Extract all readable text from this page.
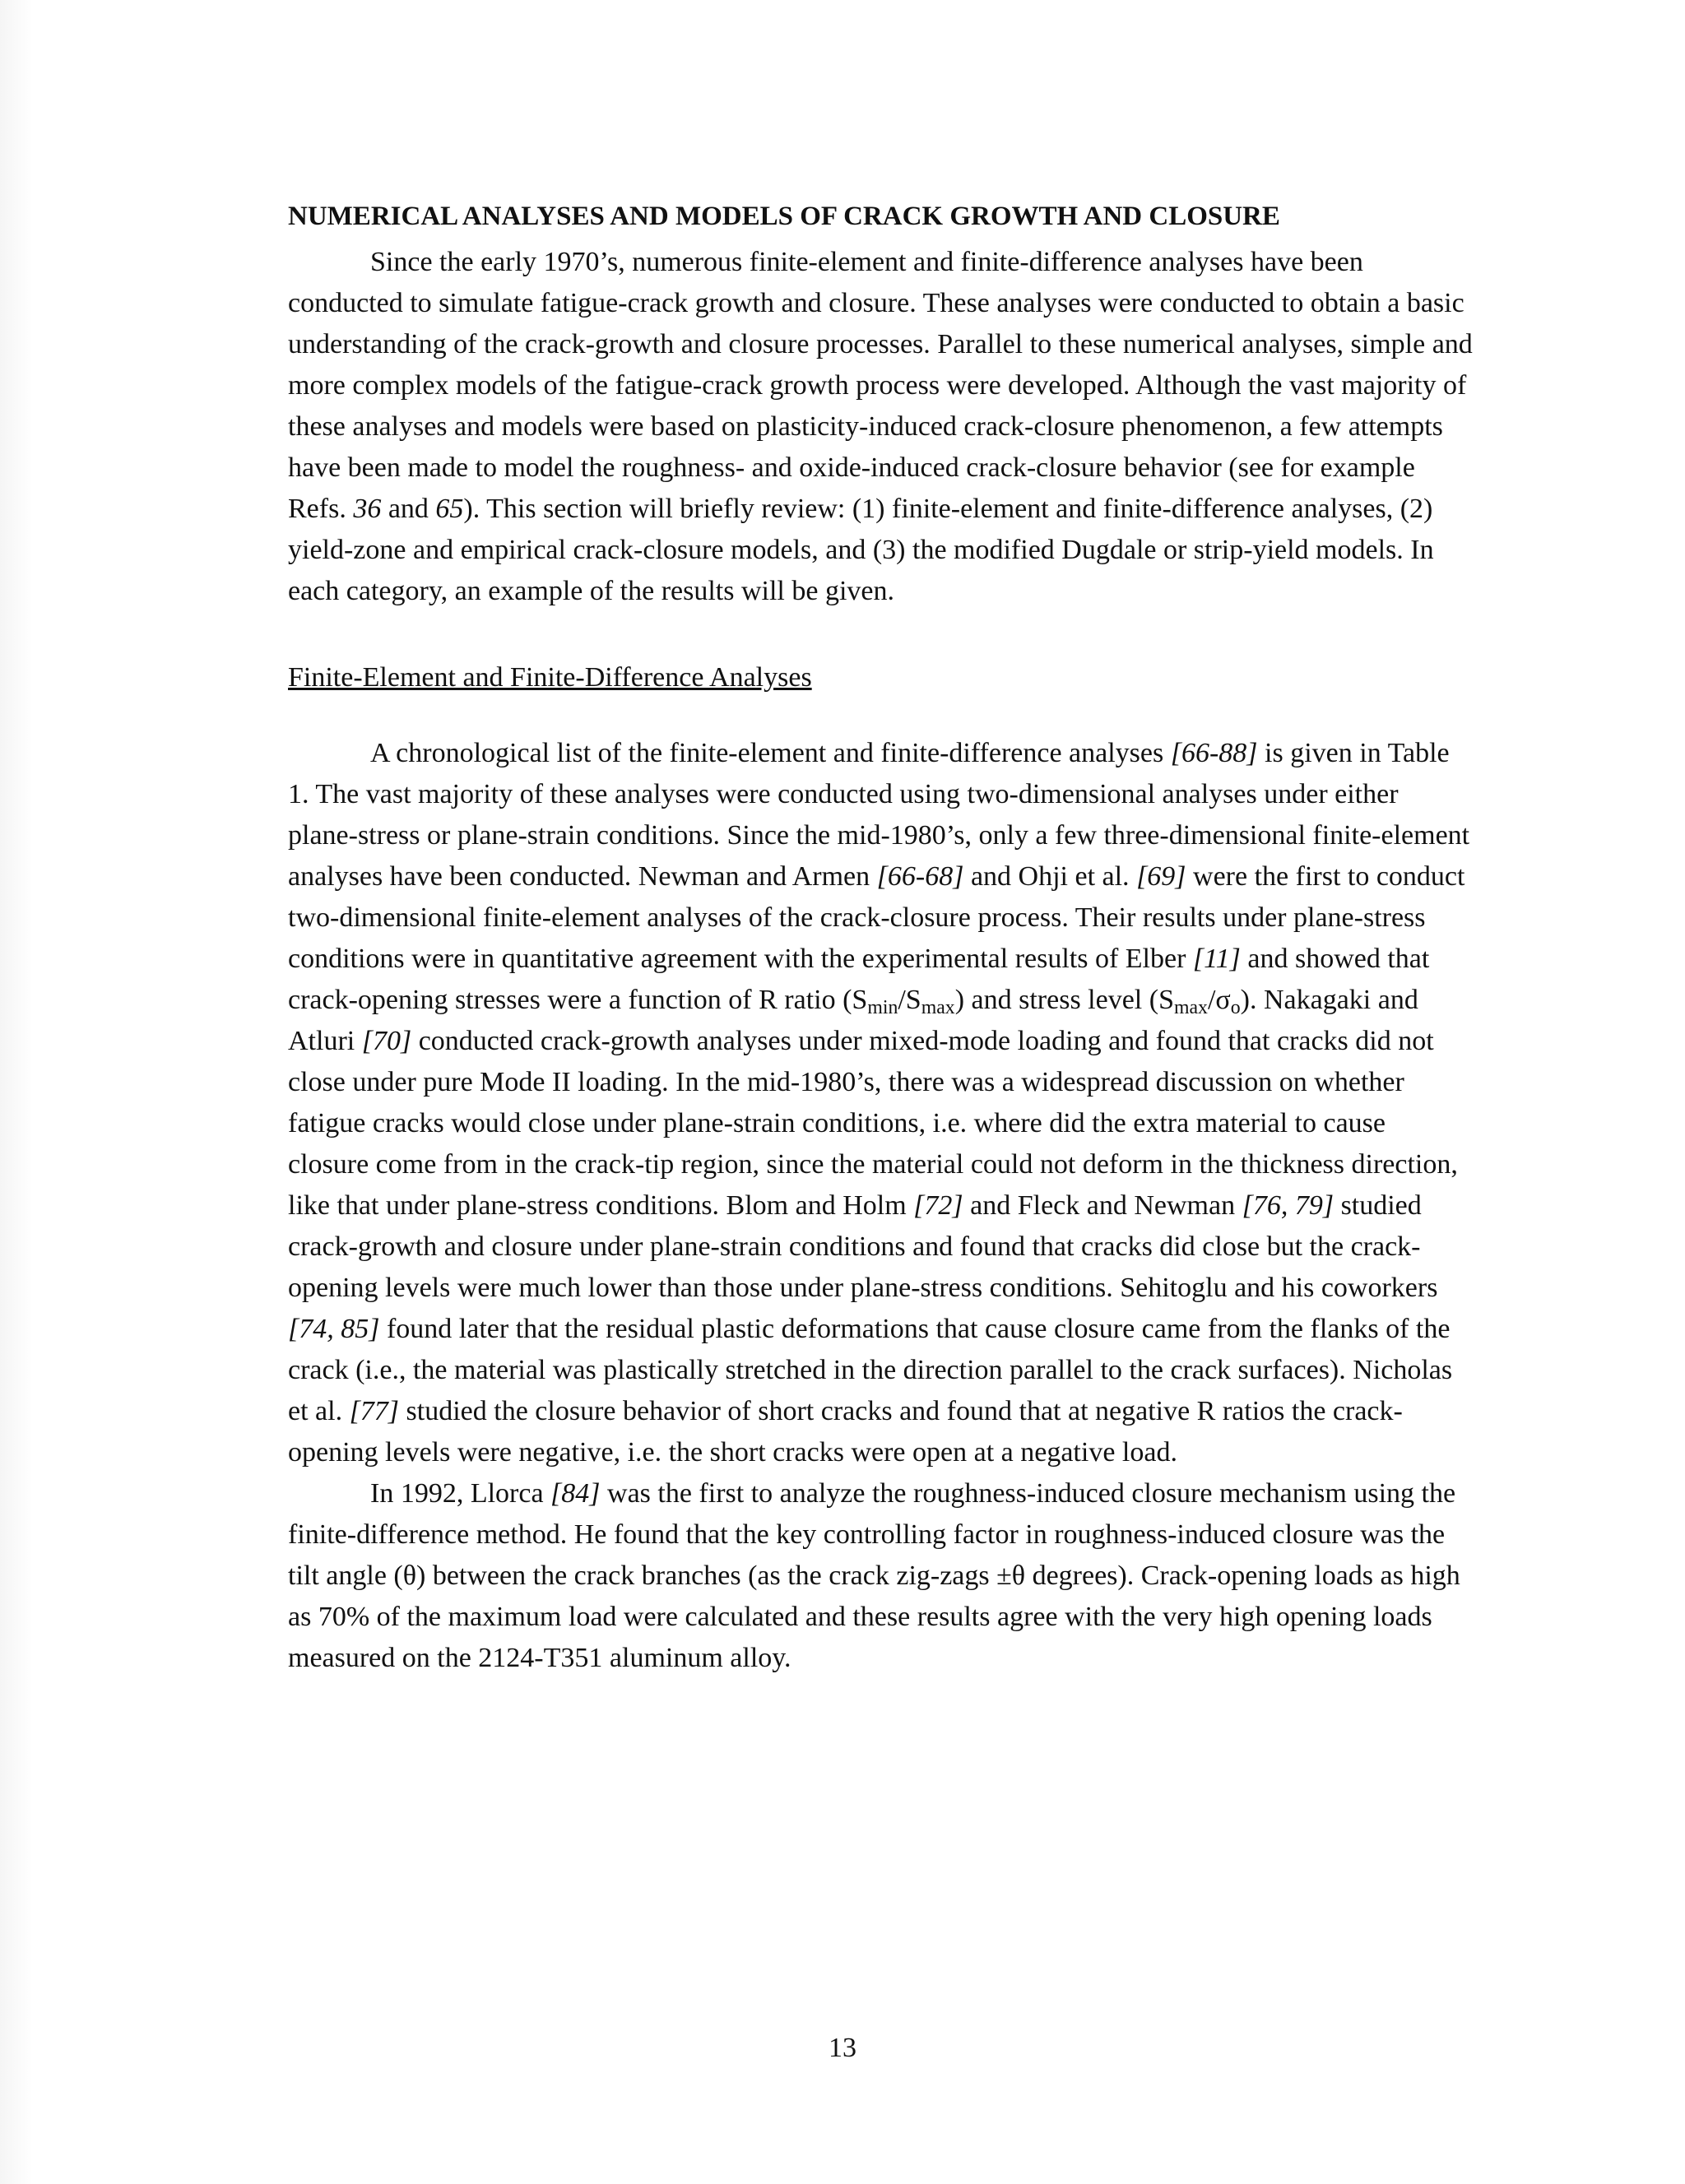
NUMERICAL ANALYSES AND MODELS OF CRACK GROWTH AND CLOSURE

Since the early 1970’s, numerous finite-element and finite-difference analyses have been conducted to simulate fatigue-crack growth and closure. These analyses were conducted to obtain a basic understanding of the crack-growth and closure processes. Parallel to these numerical analyses, simple and more complex models of the fatigue-crack growth process were developed. Although the vast majority of these analyses and models were based on plasticity-induced crack-closure phenomenon, a few attempts have been made to model the roughness- and oxide-induced crack-closure behavior (see for example Refs. 36 and 65). This section will briefly review: (1) finite-element and finite-difference analyses, (2) yield-zone and empirical crack-closure models, and (3) the modified Dugdale or strip-yield models. In each category, an example of the results will be given.

Finite-Element and Finite-Difference Analyses

A chronological list of the finite-element and finite-difference analyses [66-88] is given in Table 1. The vast majority of these analyses were conducted using two-dimensional analyses under either plane-stress or plane-strain conditions. Since the mid-1980’s, only a few three-dimensional finite-element analyses have been conducted. Newman and Armen [66-68] and Ohji et al. [69] were the first to conduct two-dimensional finite-element analyses of the crack-closure process. Their results under plane-stress conditions were in quantitative agreement with the experimental results of Elber [11] and showed that crack-opening stresses were a function of R ratio $(S_{min}/S_{max})$ and stress level $(S_{max}/\sigma_o)$. Nakagaki and Atluri [70] conducted crack-growth analyses under mixed-mode loading and found that cracks did not close under pure Mode II loading. In the mid-1980’s, there was a widespread discussion on whether fatigue cracks would close under plane-strain conditions, i.e. where did the extra material to cause closure come from in the crack-tip region, since the material could not deform in the thickness direction, like that under plane-stress conditions. Blom and Holm [72] and Fleck and Newman [76, 79] studied crack-growth and closure under plane-strain conditions and found that cracks did close but the crack-opening levels were much lower than those under plane-stress conditions. Sehitoglu and his coworkers [74, 85] found later that the residual plastic deformations that cause closure came from the flanks of the crack (i.e., the material was plastically stretched in the direction parallel to the crack surfaces). Nicholas et al. [77] studied the closure behavior of short cracks and found that at negative R ratios the crack-opening levels were negative, i.e. the short cracks were open at a negative load.

In 1992, Llorca [84] was the first to analyze the roughness-induced closure mechanism using the finite-difference method. He found that the key controlling factor in roughness-induced closure was the tilt angle (θ) between the crack branches (as the crack zig-zags ±θ degrees). Crack-opening loads as high as 70% of the maximum load were calculated and these results agree with the very high opening loads measured on the 2124-T351 aluminum alloy.

13
